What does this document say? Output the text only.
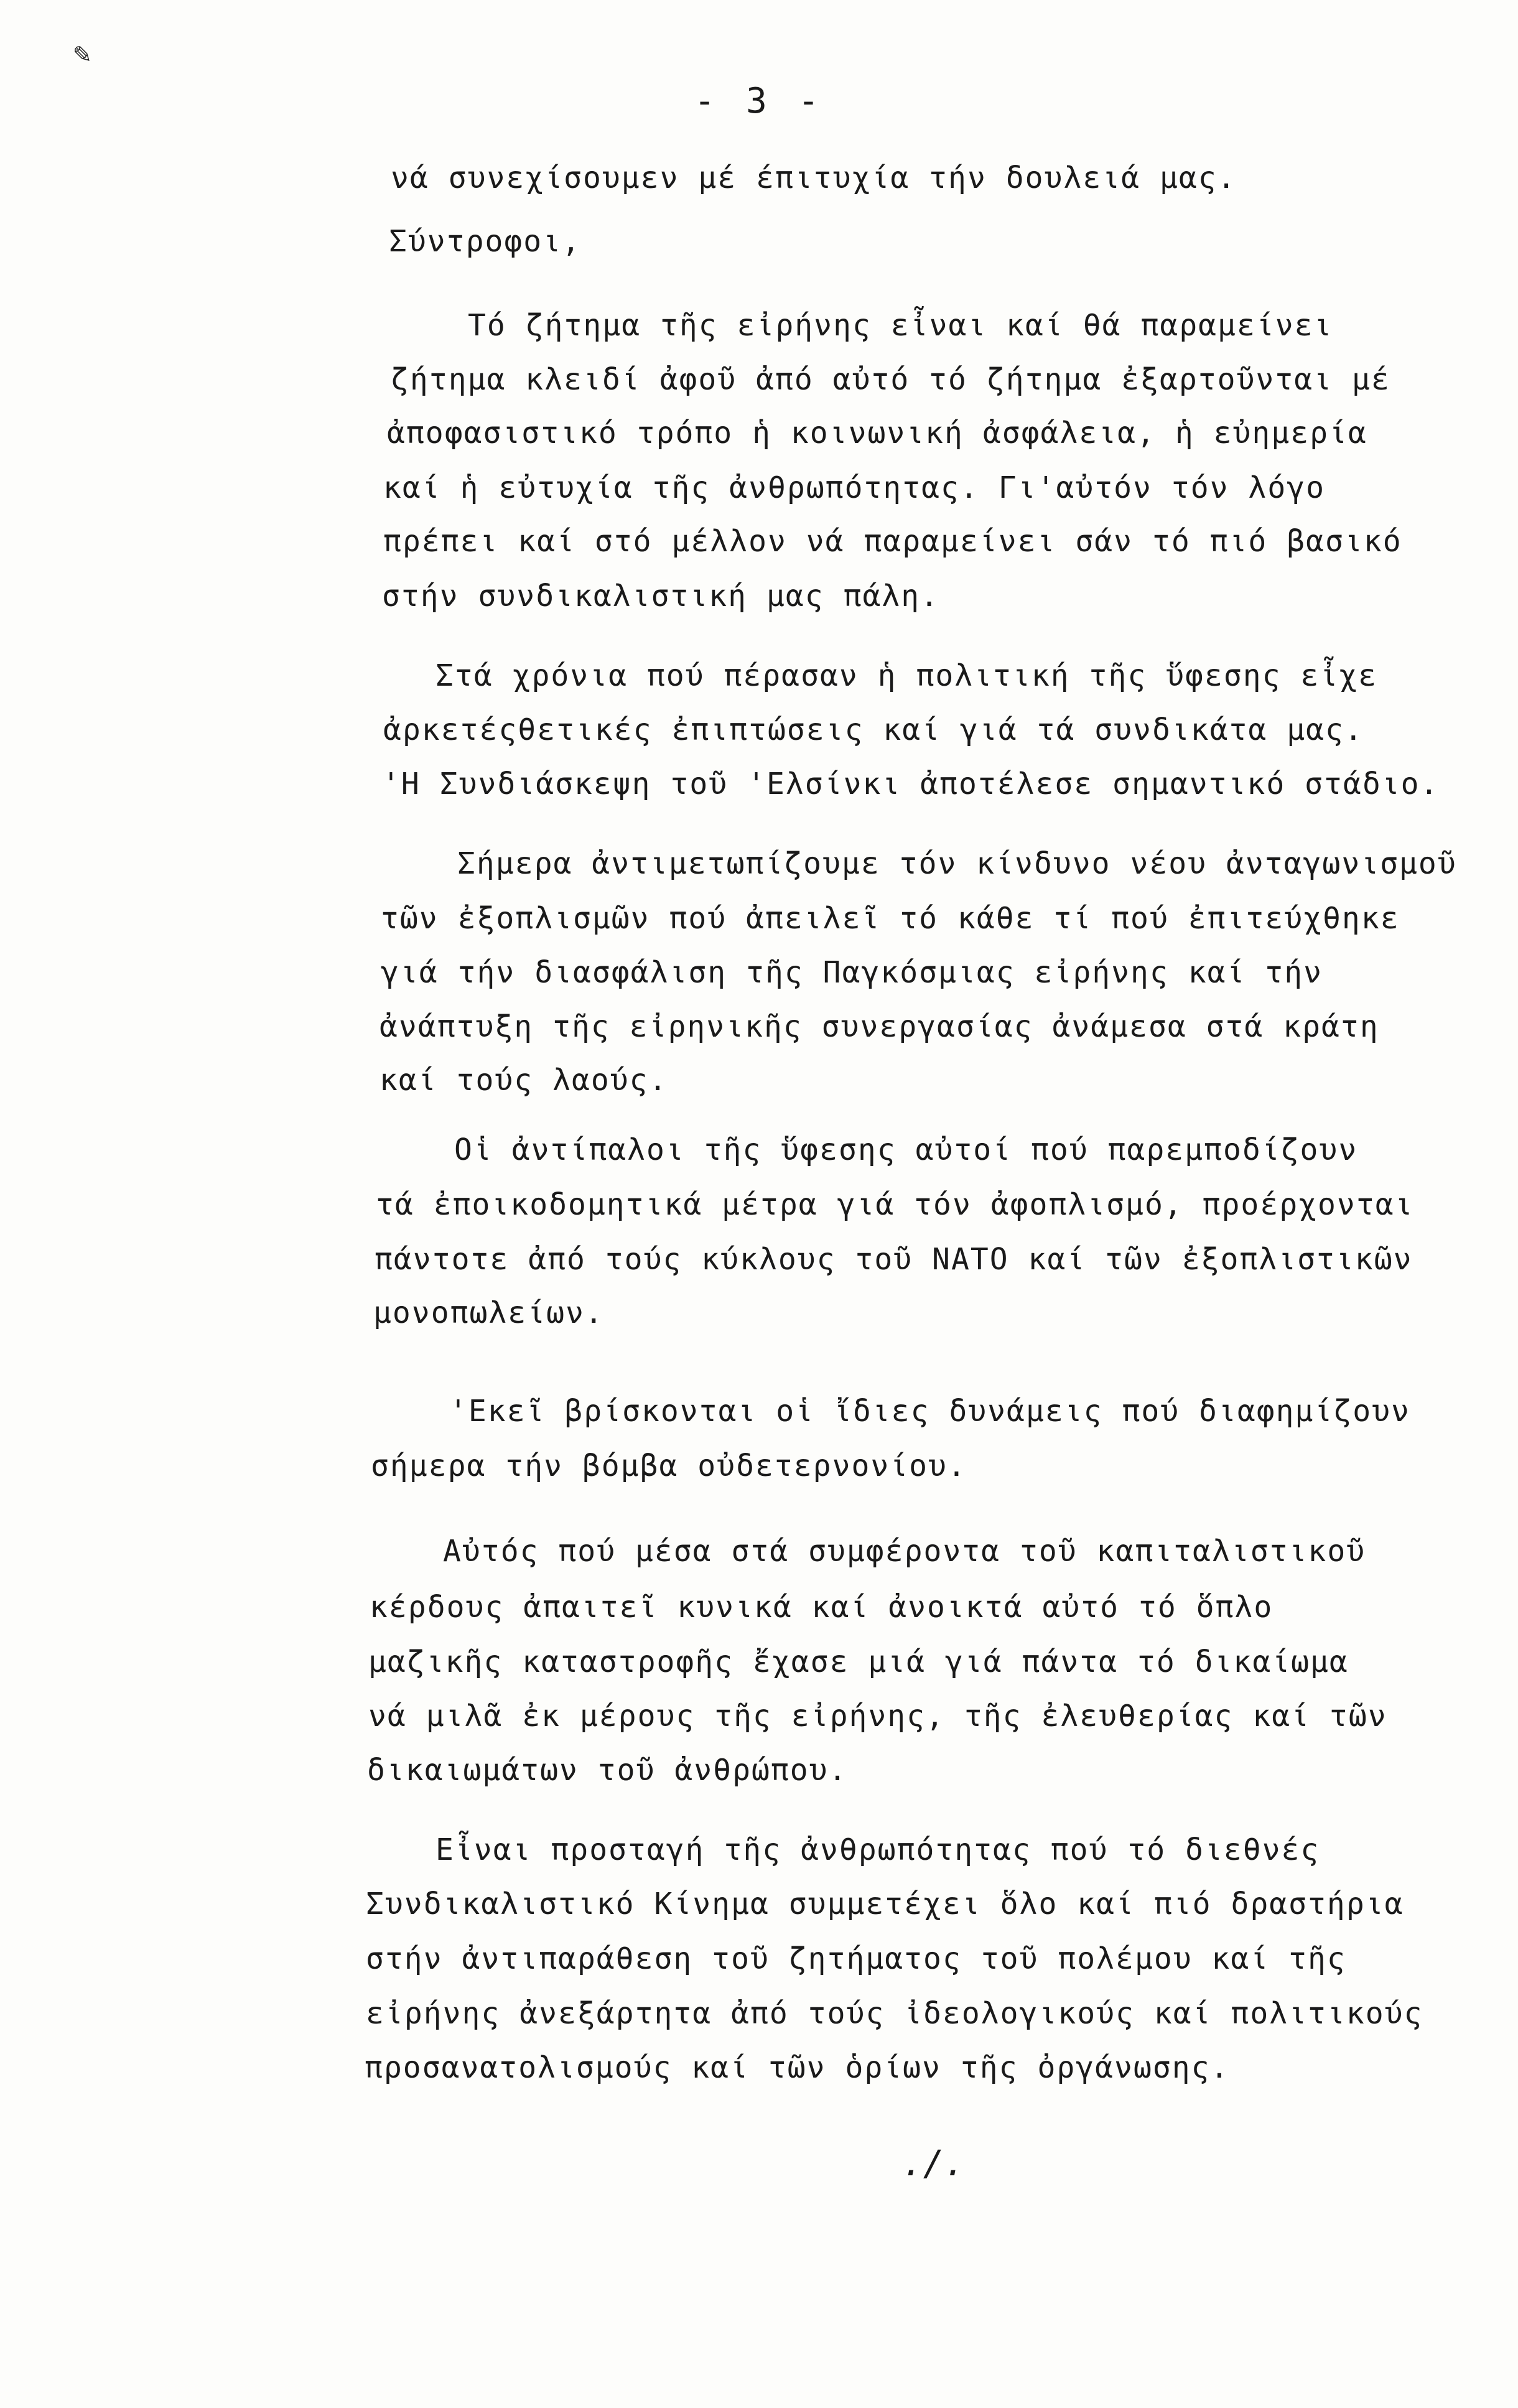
✎
- 3 -
νά συνεχίσουμεν μέ έπιτυχία τήν δουλειά μας.
Σύντροφοι,
Τό ζήτημα τῆς εἰρήνης εἶναι καί θά παραμείνει
ζήτημα κλειδί ἀφοῦ ἀπό αὐτό τό ζήτημα ἐξαρτοῦνται μέ
ἀποφασιστικό τρόπο ἡ κοινωνική ἀσφάλεια, ἡ εὐημερία
καί ἡ εὐτυχία τῆς ἀνθρωπότητας. Γι'αὐτόν τόν λόγο
πρέπει καί στό μέλλον νά παραμείνει σάν τό πιό βασικό
στήν συνδικαλιστική μας πάλη.
Στά χρόνια πού πέρασαν ἡ πολιτική τῆς ὕφεσης εἶχε
ἀρκετέςθετικές ἐπιπτώσεις καί γιά τά συνδικάτα μας.
'Η Συνδιάσκεψη τοῦ 'Ελσίνκι ἀποτέλεσε σημαντικό στάδιο.
Σήμερα ἀντιμετωπίζουμε τόν κίνδυνο νέου ἀνταγωνισμοῦ
τῶν ἐξοπλισμῶν πού ἀπειλεῖ τό κάθε τί πού ἐπιτεύχθηκε
γιά τήν διασφάλιση τῆς Παγκόσμιας εἰρήνης καί τήν
ἀνάπτυξη τῆς εἰρηνικῆς συνεργασίας ἀνάμεσα στά κράτη
καί τούς λαούς.
Οἱ ἀντίπαλοι τῆς ὕφεσης αὐτοί πού παρεμποδίζουν
τά ἐποικοδομητικά μέτρα γιά τόν ἀφοπλισμό, προέρχονται
πάντοτε ἀπό τούς κύκλους τοῦ ΝΑΤΟ καί τῶν ἐξοπλιστικῶν
μονοπωλείων.
'Εκεῖ βρίσκονται οἱ ἴδιες δυνάμεις πού διαφημίζουν
σήμερα τήν βόμβα οὐδετερνονίου.
Αὐτός πού μέσα στά συμφέροντα τοῦ καπιταλιστικοῦ
κέρδους ἀπαιτεῖ κυνικά καί ἀνοικτά αὐτό τό ὅπλο
μαζικῆς καταστροφῆς ἔχασε μιά γιά πάντα τό δικαίωμα
νά μιλᾶ ἐκ μέρους τῆς εἰρήνης, τῆς ἐλευθερίας καί τῶν
δικαιωμάτων τοῦ ἀνθρώπου.
Εἶναι προσταγή τῆς ἀνθρωπότητας πού τό διεθνές
Συνδικαλιστικό Κίνημα συμμετέχει ὅλο καί πιό δραστήρια
στήν ἀντιπαράθεση τοῦ ζητήματος τοῦ πολέμου καί τῆς
εἰρήνης ἀνεξάρτητα ἀπό τούς ἰδεολογικούς καί πολιτικούς
προσανατολισμούς καί τῶν ὁρίων τῆς ὀργάνωσης.
./.
